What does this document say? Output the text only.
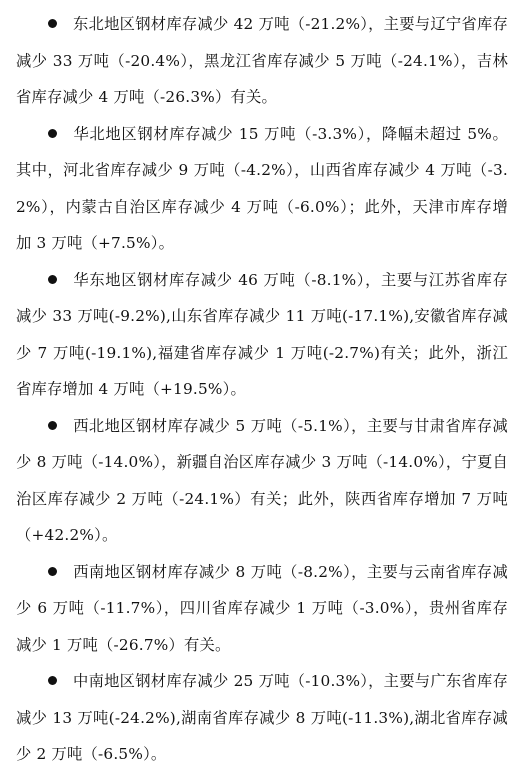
东北地区钢材库存减少 42 万吨（-21.2%），主要与辽宁省库存减少 33 万吨（-20.4%），黑龙江省库存减少 5 万吨（-24.1%），吉林省库存减少 4 万吨（-26.3%）有关。

华北地区钢材库存减少 15 万吨（-3.3%），降幅未超过 5%。其中，河北省库存减少 9 万吨（-4.2%），山西省库存减少 4 万吨（-3.2%），内蒙古自治区库存减少 4 万吨（-6.0%）；此外，天津市库存增加 3 万吨（+7.5%）。

华东地区钢材库存减少 46 万吨（-8.1%），主要与江苏省库存减少 33 万吨(-9.2%),山东省库存减少 11 万吨(-17.1%),安徽省库存减少 7 万吨(-19.1%),福建省库存减少 1 万吨(-2.7%)有关；此外，浙江省库存增加 4 万吨（+19.5%）。

西北地区钢材库存减少 5 万吨（-5.1%），主要与甘肃省库存减少 8 万吨（-14.0%），新疆自治区库存减少 3 万吨（-14.0%），宁夏自治区库存减少 2 万吨（-24.1%）有关；此外，陕西省库存增加 7 万吨（+42.2%）。

西南地区钢材库存减少 8 万吨（-8.2%），主要与云南省库存减少 6 万吨（-11.7%），四川省库存减少 1 万吨（-3.0%），贵州省库存减少 1 万吨（-26.7%）有关。

中南地区钢材库存减少 25 万吨（-10.3%），主要与广东省库存减少 13 万吨(-24.2%),湖南省库存减少 8 万吨(-11.3%),湖北省库存减少 2 万吨（-6.5%）。
